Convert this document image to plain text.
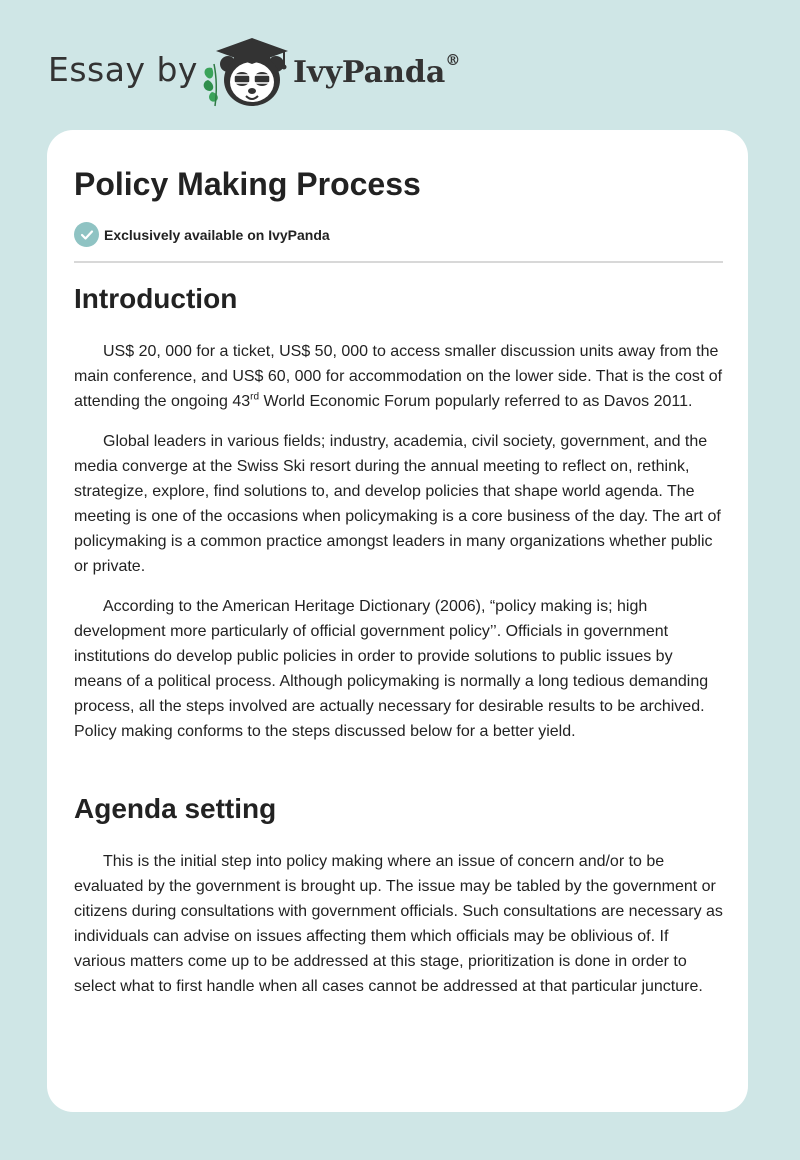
Essay by	IvyPanda®
Policy Making Process
Exclusively available on IvyPanda
Introduction

US$ 20, 000 for a ticket, US$ 50, 000 to access smaller discussion units away from the main conference, and US$ 60, 000 for accommodation on the lower side. That is the cost of attending the ongoing 43rd World Economic Forum popularly referred to as Davos 2011.

Global leaders in various fields; industry, academia, civil society, government, and the media converge at the Swiss Ski resort during the annual meeting to reflect on, rethink, strategize, explore, find solutions to, and develop policies that shape world agenda. The meeting is one of the occasions when policymaking is a core business of the day. The art of policymaking is a common practice amongst leaders in many organizations whether public or private.

According to the American Heritage Dictionary (2006), “policy making is; high development more particularly of official government policy’’. Officials in government institutions do develop public policies in order to provide solutions to public issues by means of a political process. Although policymaking is normally a long tedious demanding process, all the steps involved are actually necessary for desirable results to be archived. Policy making conforms to the steps discussed below for a better yield.

Agenda setting

This is the initial step into policy making where an issue of concern and/or to be evaluated by the government is brought up. The issue may be tabled by the government or citizens during consultations with government officials. Such consultations are necessary as individuals can advise on issues affecting them which officials may be oblivious of. If various matters come up to be addressed at this stage, prioritization is done in order to select what to first handle when all cases cannot be addressed at that particular juncture.
